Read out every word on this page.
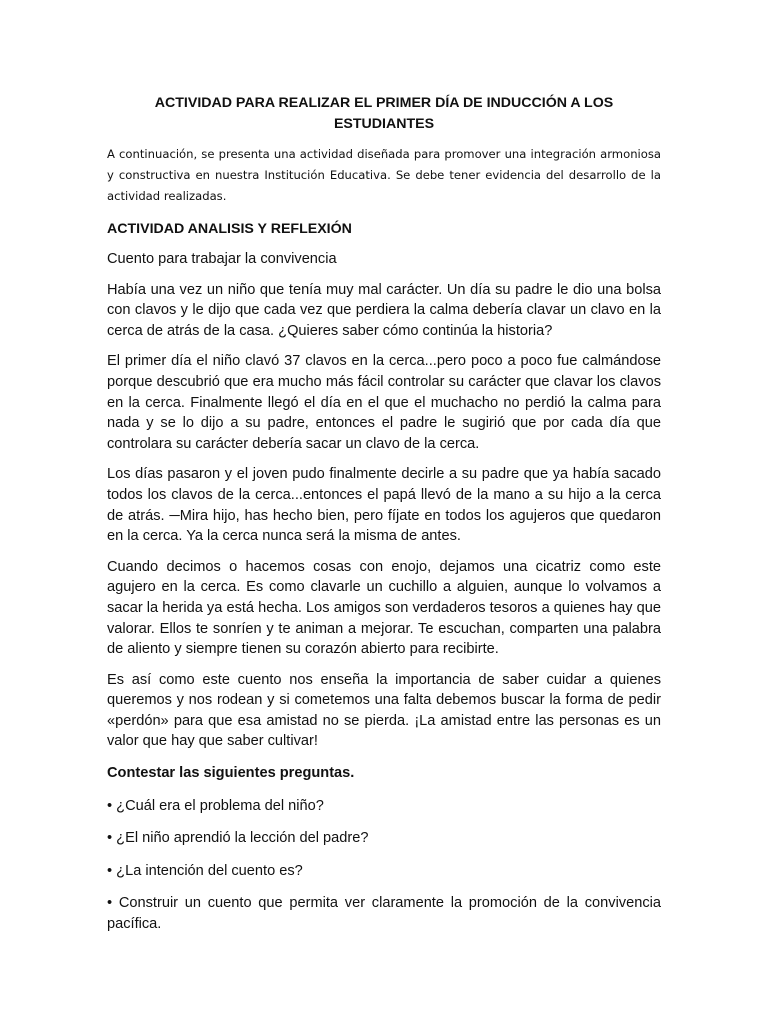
ACTIVIDAD PARA REALIZAR EL PRIMER DÍA DE INDUCCIÓN A LOS ESTUDIANTES

A continuación, se presenta una actividad diseñada para promover una integración armoniosa y constructiva en nuestra Institución Educativa. Se debe tener evidencia del desarrollo de la actividad realizadas.

ACTIVIDAD ANALISIS Y REFLEXIÓN

Cuento para trabajar la convivencia

Había una vez un niño que tenía muy mal carácter. Un día su padre le dio una bolsa con clavos y le dijo que cada vez que perdiera la calma debería clavar un clavo en la cerca de atrás de la casa. ¿Quieres saber cómo continúa la historia?

El primer día el niño clavó 37 clavos en la cerca...pero poco a poco fue calmándose porque descubrió que era mucho más fácil controlar su carácter que clavar los clavos en la cerca. Finalmente llegó el día en el que el muchacho no perdió la calma para nada y se lo dijo a su padre, entonces el padre le sugirió que por cada día que controlara su carácter debería sacar un clavo de la cerca.

Los días pasaron y el joven pudo finalmente decirle a su padre que ya había sacado todos los clavos de la cerca...entonces el papá llevó de la mano a su hijo a la cerca de atrás. ─Mira hijo, has hecho bien, pero fíjate en todos los agujeros que quedaron en la cerca. Ya la cerca nunca será la misma de antes.

Cuando decimos o hacemos cosas con enojo, dejamos una cicatriz como este agujero en la cerca. Es como clavarle un cuchillo a alguien, aunque lo volvamos a sacar la herida ya está hecha. Los amigos son verdaderos tesoros a quienes hay que valorar. Ellos te sonríen y te animan a mejorar. Te escuchan, comparten una palabra de aliento y siempre tienen su corazón abierto para recibirte.

Es así como este cuento nos enseña la importancia de saber cuidar a quienes queremos y nos rodean y si cometemos una falta debemos buscar la forma de pedir «perdón» para que esa amistad no se pierda. ¡La amistad entre las personas es un valor que hay que saber cultivar!

Contestar las siguientes preguntas.

• ¿Cuál era el problema del niño?
• ¿El niño aprendió la lección del padre?
• ¿La intención del cuento es?
• Construir un cuento que permita ver claramente la promoción de la convivencia pacífica.
